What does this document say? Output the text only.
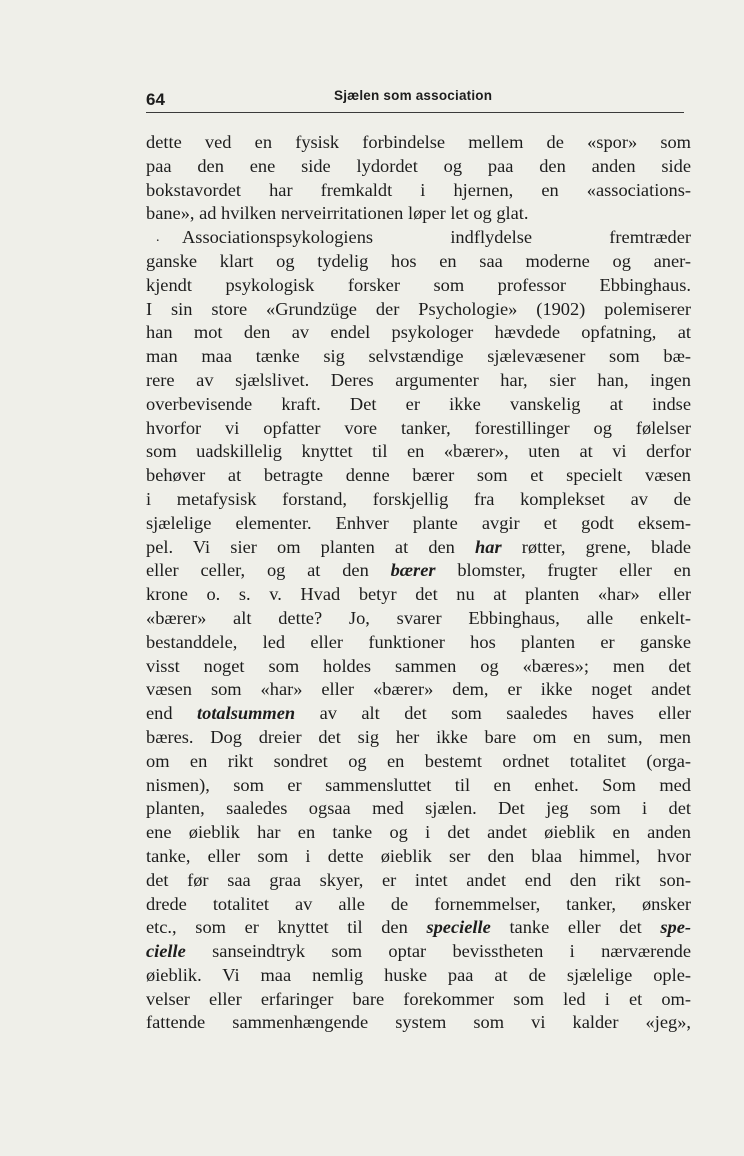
64	Sjælen som association
dette ved en fysisk forbindelse mellem de «spor» som
paa den ene side lydordet og paa den anden side
bokstavordet har fremkaldt i hjernen, en «associations-
bane», ad hvilken nerveirritationen løper let og glat.
. Associationspsykologiens indflydelse fremtræder
ganske klart og tydelig hos en saa moderne og aner-
kjendt psykologisk forsker som professor Ebbinghaus.
I sin store «Grundzüge der Psychologie» (1902) polemiserer
han mot den av endel psykologer hævdede opfatning, at
man maa tænke sig selvstændige sjælevæsener som bæ-
rere av sjælslivet. Deres argumenter har, sier han, ingen
overbevisende kraft. Det er ikke vanskelig at indse
hvorfor vi opfatter vore tanker, forestillinger og følelser
som uadskillelig knyttet til en «bærer», uten at vi derfor
behøver at betragte denne bærer som et specielt væsen
i metafysisk forstand, forskjellig fra komplekset av de
sjælelige elementer. Enhver plante avgir et godt eksem-
pel. Vi sier om planten at den har røtter, grene, blade
eller celler, og at den bærer blomster, frugter eller en
krone o. s. v. Hvad betyr det nu at planten «har» eller
«bærer» alt dette? Jo, svarer Ebbinghaus, alle enkelt-
bestanddele, led eller funktioner hos planten er ganske
visst noget som holdes sammen og «bæres»; men det
væsen som «har» eller «bærer» dem, er ikke noget andet
end totalsummen av alt det som saaledes haves eller
bæres. Dog dreier det sig her ikke bare om en sum, men
om en rikt sondret og en bestemt ordnet totalitet (orga-
nismen), som er sammensluttet til en enhet. Som med
planten, saaledes ogsaa med sjælen. Det jeg som i det
ene øieblik har en tanke og i det andet øieblik en anden
tanke, eller som i dette øieblik ser den blaa himmel, hvor
det før saa graa skyer, er intet andet end den rikt son-
drede totalitet av alle de fornemmelser, tanker, ønsker
etc., som er knyttet til den specielle tanke eller det spe-
cielle sanseindtryk som optar bevisstheten i nærværende
øieblik. Vi maa nemlig huske paa at de sjælelige ople-
velser eller erfaringer bare forekommer som led i et om-
fattende sammenhængende system som vi kalder «jeg»,
